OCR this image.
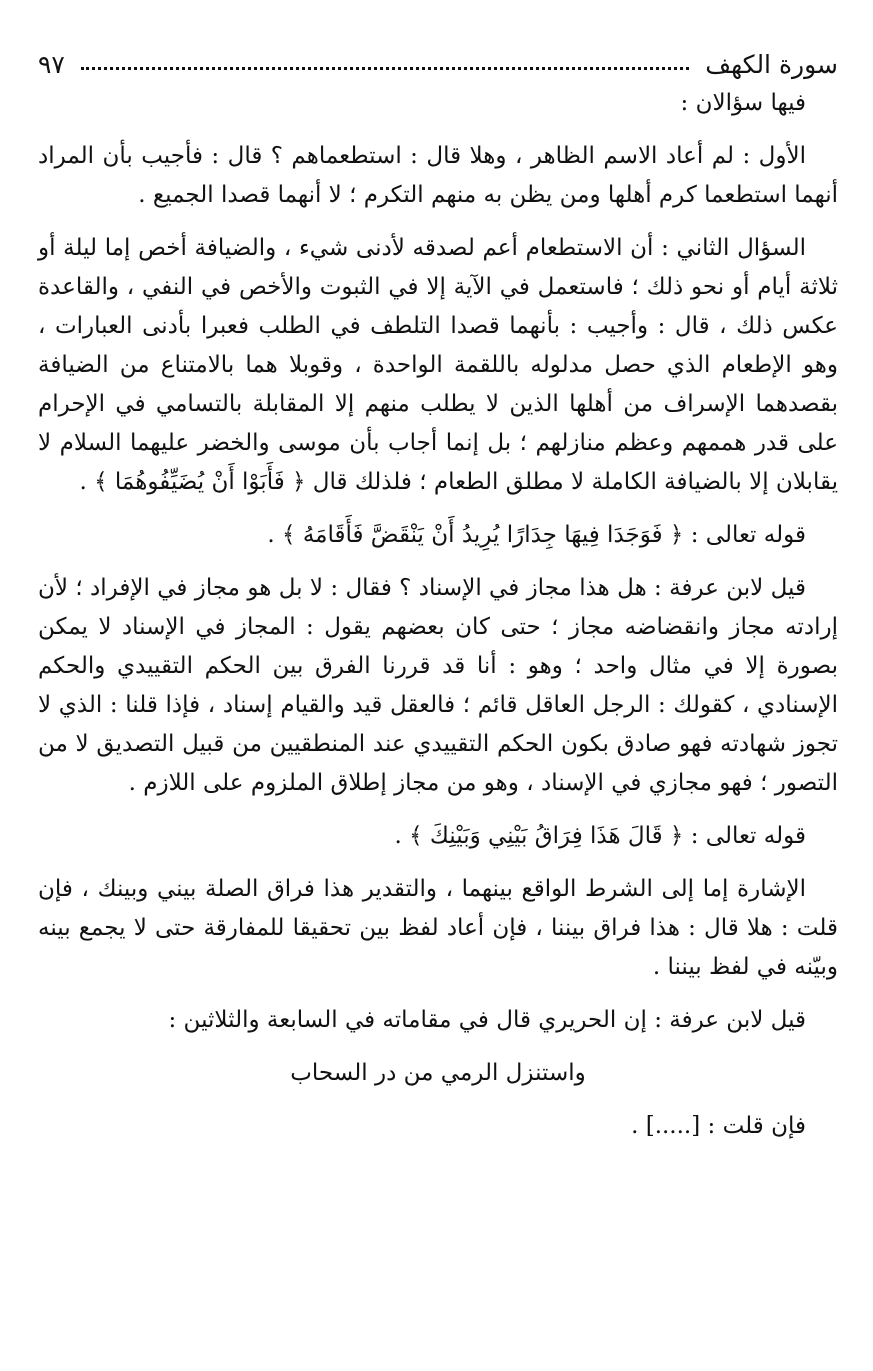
سورة الكهف
٩٧

فيها سؤالان :

الأول : لم أعاد الاسم الظاهر ، وهلا قال : استطعماهم ؟ قال : فأجيب بأن المراد أنهما استطعما كرم أهلها ومن يظن به منهم التكرم ؛ لا أنهما قصدا الجميع .

السؤال الثاني : أن الاستطعام أعم لصدقه لأدنى شيء ، والضيافة أخص إما ليلة أو ثلاثة أيام أو نحو ذلك ؛ فاستعمل في الآية إلا في الثبوت والأخص في النفي ، والقاعدة عكس ذلك ، قال : وأجيب : بأنهما قصدا التلطف في الطلب فعبرا بأدنى العبارات ، وهو الإطعام الذي حصل مدلوله باللقمة الواحدة ، وقوبلا هما بالامتناع من الضيافة بقصدهما الإسراف من أهلها الذين لا يطلب منهم إلا المقابلة بالتسامي في الإحرام على قدر هممهم وعظم منازلهم ؛ بل إنما أجاب بأن موسى والخضر عليهما السلام لا يقابلان إلا بالضيافة الكاملة لا مطلق الطعام ؛ فلذلك قال ﴿ فَأَبَوْا أَنْ يُضَيِّفُوهُمَا ﴾ .

قوله تعالى : ﴿ فَوَجَدَا فِيهَا جِدَارًا يُرِيدُ أَنْ يَنْقَضَّ فَأَقَامَهُ ﴾ .

قيل لابن عرفة : هل هذا مجاز في الإسناد ؟ فقال : لا بل هو مجاز في الإفراد ؛ لأن إرادته مجاز وانقضاضه مجاز ؛ حتى كان بعضهم يقول : المجاز في الإسناد لا يمكن بصورة إلا في مثال واحد ؛ وهو : أنا قد قررنا الفرق بين الحكم التقييدي والحكم الإسنادي ، كقولك : الرجل العاقل قائم ؛ فالعقل قيد والقيام إسناد ، فإذا قلنا : الذي لا تجوز شهادته فهو صادق بكون الحكم التقييدي عند المنطقيين من قبيل التصديق لا من التصور ؛ فهو مجازي في الإسناد ، وهو من مجاز إطلاق الملزوم على اللازم .

قوله تعالى : ﴿ قَالَ هَذَا فِرَاقُ بَيْنِي وَبَيْنِكَ ﴾ .

الإشارة إما إلى الشرط الواقع بينهما ، والتقدير هذا فراق الصلة بيني وبينك ، فإن قلت : هلا قال : هذا فراق بيننا ، فإن أعاد لفظ بين تحقيقا للمفارقة حتى لا يجمع بينه وبيّنه في لفظ بيننا .

قيل لابن عرفة : إن الحريري قال في مقاماته في السابعة والثلاثين :

واستنزل الرمي من در السحاب

فإن قلت : [.....] .
